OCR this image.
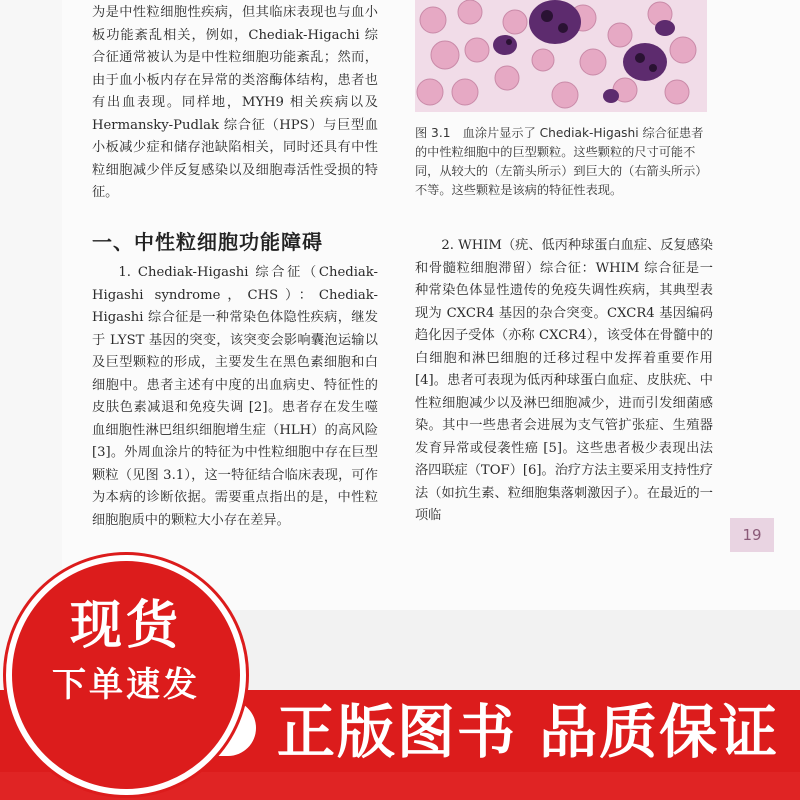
为是中性粒细胞性疾病，但其临床表现也与血小板功能紊乱相关，例如，Chediak-Higachi 综合征通常被认为是中性粒细胞功能紊乱；然而，由于血小板内存在异常的类溶酶体结构，患者也有出血表现。同样地，MYH9 相关疾病以及 Hermansky-Pudlak 综合征（HPS）与巨型血小板减少症和储存池缺陷相关，同时还具有中性粒细胞减少伴反复感染以及细胞毒活性受损的特征。

一、中性粒细胞功能障碍

1. Chediak-Higashi 综合征（Chediak-Higashi syndrome，CHS）：Chediak-Higashi 综合征是一种常染色体隐性疾病，继发于 LYST 基因的突变，该突变会影响囊泡运输以及巨型颗粒的形成，主要发生在黑色素细胞和白细胞中。患者主述有中度的出血病史、特征性的皮肤色素减退和免疫失调 [2]。患者存在发生噬血细胞性淋巴组织细胞增生症（HLH）的高风险 [3]。外周血涂片的特征为中性粒细胞中存在巨型颗粒（见图 3.1），这一特征结合临床表现，可作为本病的诊断依据。需要重点指出的是，中性粒细胞胞质中的颗粒大小存在差异。

图 3.1　血涂片显示了 Chediak-Higashi 综合征患者的中性粒细胞中的巨型颗粒。这些颗粒的尺寸可能不同，从较大的（左箭头所示）到巨大的（右箭头所示）不等。这些颗粒是该病的特征性表现。

2. WHIM（疣、低丙种球蛋白血症、反复感染和骨髓粒细胞滞留）综合征：WHIM 综合征是一种常染色体显性遗传的免疫失调性疾病，其典型表现为 CXCR4 基因的杂合突变。CXCR4 基因编码趋化因子受体（亦称 CXCR4），该受体在骨髓中的白细胞和淋巴细胞的迁移过程中发挥着重要作用 [4]。患者可表现为低丙种球蛋白血症、皮肤疣、中性粒细胞减少以及淋巴细胞减少，进而引发细菌感染。其中一些患者会进展为支气管扩张症、生殖器发育异常或侵袭性癌 [5]。这些患者极少表现出法洛四联症（TOF）[6]。治疗方法主要采用支持性疗法（如抗生素、粒细胞集落刺激因子）。在最近的一项临

19
正版图书 品质保证
现货
下单速发
